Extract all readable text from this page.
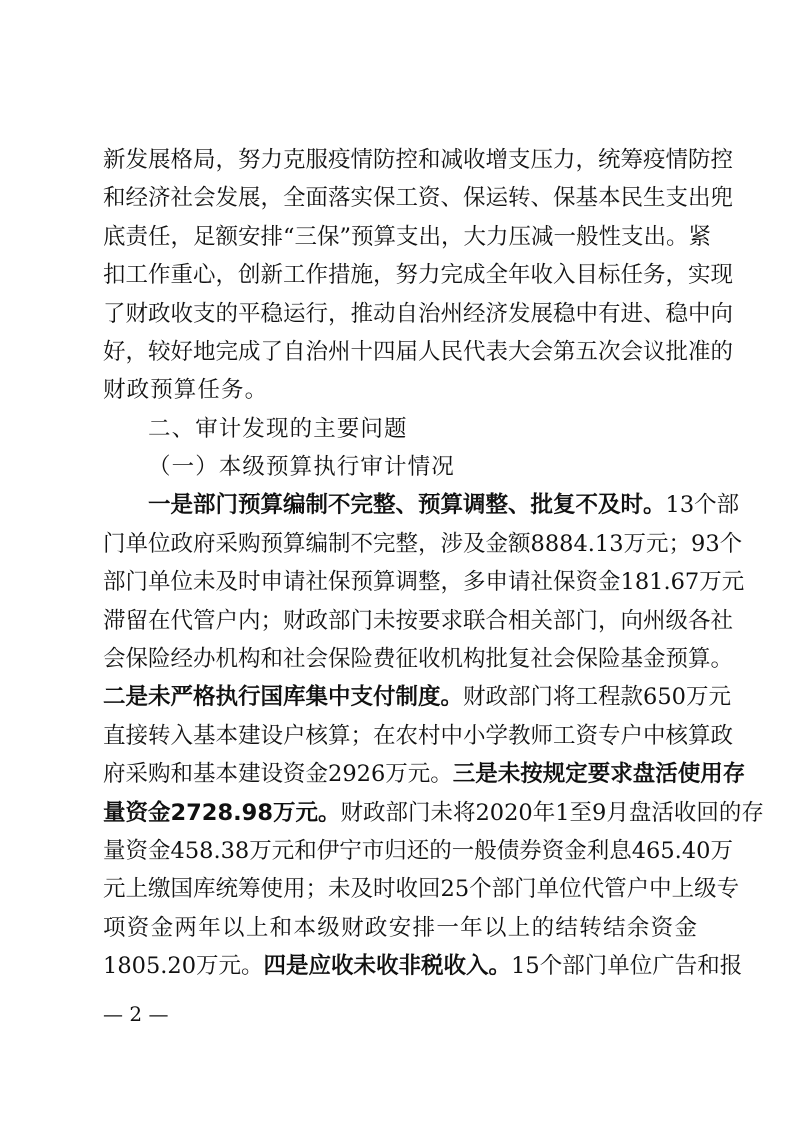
新发展格局，努力克服疫情防控和减收增支压力，统筹疫情防控
和经济社会发展，全面落实保工资、保运转、保基本民生支出兜
底责任，足额安排“三保”预算支出，大力压减一般性支出。紧
扣工作重心，创新工作措施，努力完成全年收入目标任务，实现
了财政收支的平稳运行，推动自治州经济发展稳中有进、稳中向
好，较好地完成了自治州十四届人民代表大会第五次会议批准的
财政预算任务。
二、审计发现的主要问题
（一）本级预算执行审计情况
一是部门预算编制不完整、预算调整、批复不及时。13个部
门单位政府采购预算编制不完整，涉及金额8884.13万元；93个
部门单位未及时申请社保预算调整，多申请社保资金181.67万元
滞留在代管户内；财政部门未按要求联合相关部门，向州级各社
会保险经办机构和社会保险费征收机构批复社会保险基金预算。
二是未严格执行国库集中支付制度。财政部门将工程款650万元
直接转入基本建设户核算；在农村中小学教师工资专户中核算政
府采购和基本建设资金2926万元。三是未按规定要求盘活使用存
量资金2728.98万元。财政部门未将2020年1至9月盘活收回的存
量资金458.38万元和伊宁市归还的一般债券资金利息465.40万
元上缴国库统筹使用；未及时收回25个部门单位代管户中上级专
项资金两年以上和本级财政安排一年以上的结转结余资金
1805.20万元。四是应收未收非税收入。15个部门单位广告和报
— 2 —
